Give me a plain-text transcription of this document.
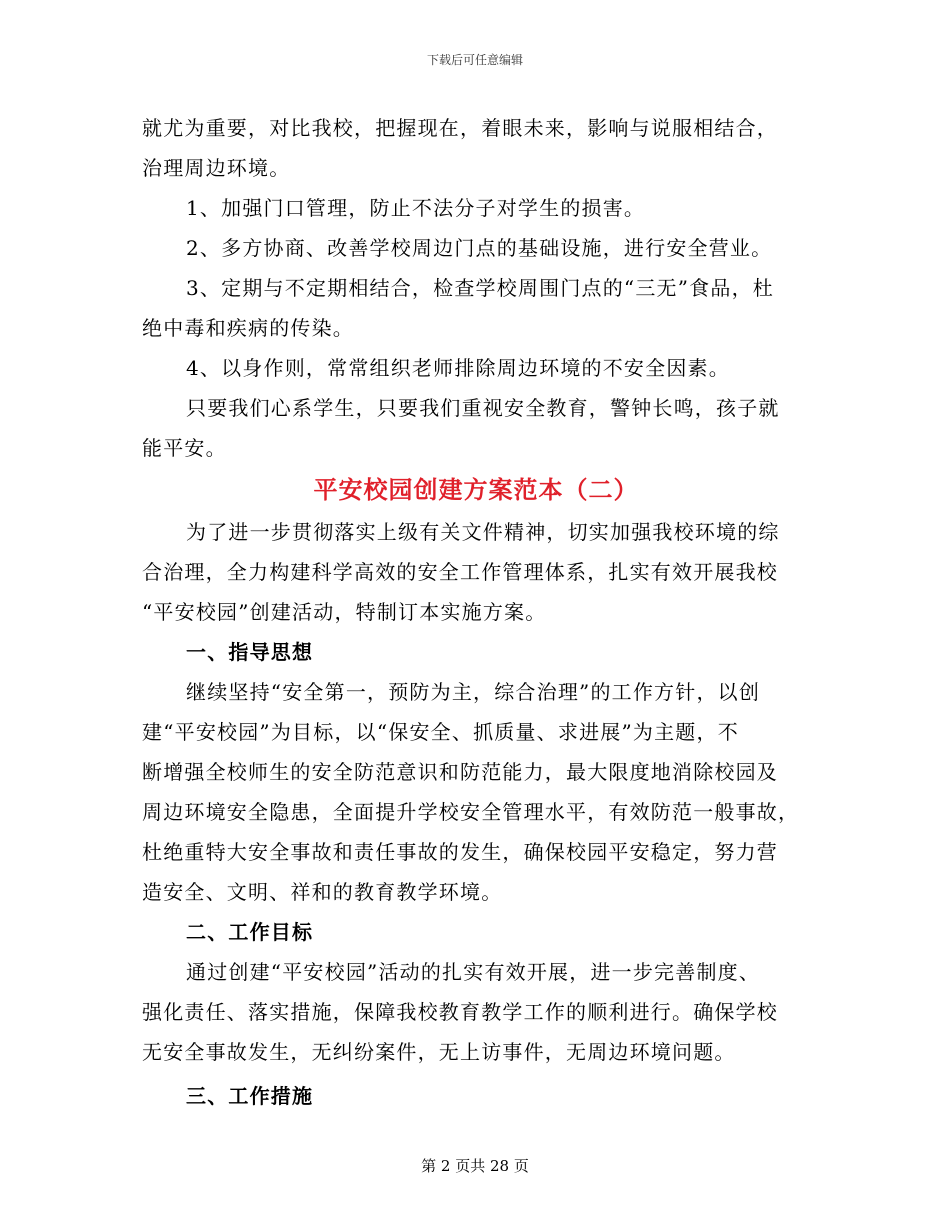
下载后可任意编辑
就尤为重要，对比我校，把握现在，着眼未来，影响与说服相结合，
治理周边环境。
1、加强门口管理，防止不法分子对学生的损害。
2、多方协商、改善学校周边门点的基础设施，进行安全营业。
3、定期与不定期相结合，检查学校周围门点的“三无”食品，杜
绝中毒和疾病的传染。
4、以身作则，常常组织老师排除周边环境的不安全因素。
只要我们心系学生，只要我们重视安全教育，警钟长鸣，孩子就
能平安。
平安校园创建方案范本（二）
为了进一步贯彻落实上级有关文件精神，切实加强我校环境的综
合治理，全力构建科学高效的安全工作管理体系，扎实有效开展我校
“平安校园”创建活动，特制订本实施方案。
一、指导思想
继续坚持“安全第一，预防为主，综合治理”的工作方针，以创
建“平安校园”为目标，以“保安全、抓质量、求进展”为主题，不
断增强全校师生的安全防范意识和防范能力，最大限度地消除校园及
周边环境安全隐患，全面提升学校安全管理水平，有效防范一般事故，
杜绝重特大安全事故和责任事故的发生，确保校园平安稳定，努力营
造安全、文明、祥和的教育教学环境。
二、工作目标
通过创建“平安校园”活动的扎实有效开展，进一步完善制度、
强化责任、落实措施，保障我校教育教学工作的顺利进行。确保学校
无安全事故发生，无纠纷案件，无上访事件，无周边环境问题。
三、工作措施
第 2 页共 28 页
